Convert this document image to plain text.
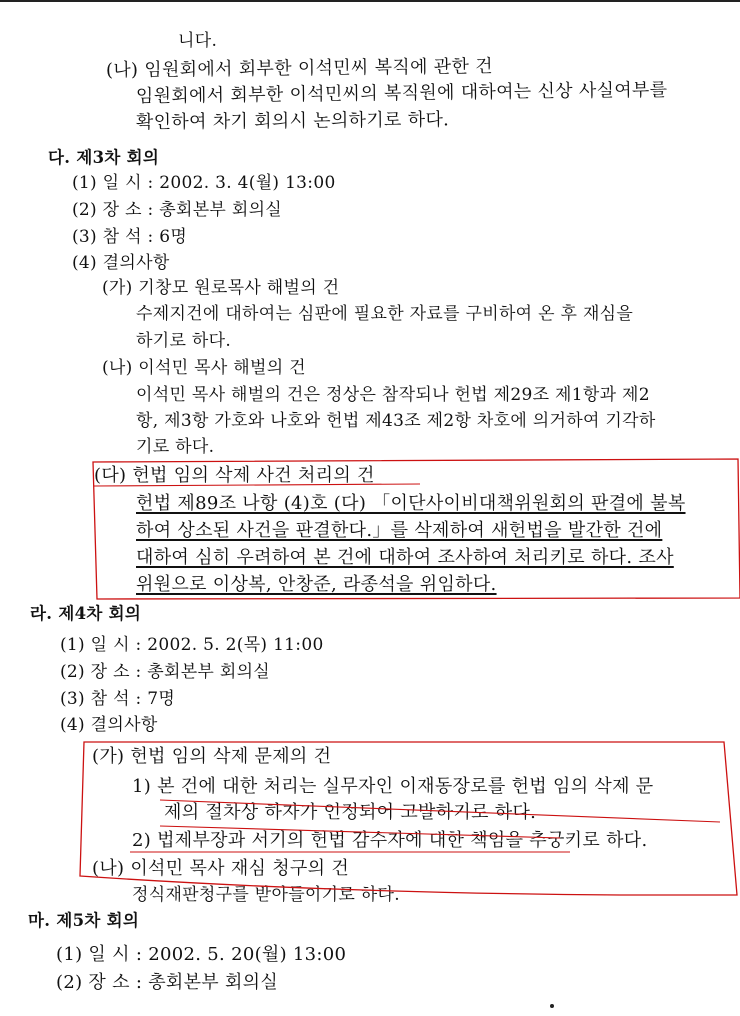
니다.
(나) 임원회에서 회부한 이석민씨 복직에 관한 건
임원회에서 회부한 이석민씨의 복직원에 대하여는 신상 사실여부를
확인하여 차기 회의시 논의하기로 하다.
다. 제3차 회의
(1) 일 시 : 2002. 3. 4(월) 13:00
(2) 장 소 : 총회본부 회의실
(3) 참 석 : 6명
(4) 결의사항
(가) 기창모 원로목사 해벌의 건
수제지건에 대하여는 심판에 필요한 자료를 구비하여 온 후 재심을
하기로 하다.
(나) 이석민 목사 해벌의 건
이석민 목사 해벌의 건은 정상은 참작되나 헌법 제29조 제1항과 제2
항, 제3항 가호와 나호와 헌법 제43조 제2항 차호에 의거하여 기각하
기로 하다.
(다) 헌법 임의 삭제 사건 처리의 건
헌법 제89조 나항 (4)호 (다) 「이단사이비대책위원회의 판결에 불복
하여 상소된 사건을 판결한다.」를 삭제하여 새헌법을 발간한 건에
대하여 심히 우려하여 본 건에 대하여 조사하여 처리키로 하다. 조사
위원으로 이상복, 안창준, 라종석을 위임하다.
라. 제4차 회의
(1) 일 시 : 2002. 5. 2(목) 11:00
(2) 장 소 : 총회본부 회의실
(3) 참 석 : 7명
(4) 결의사항
(가) 헌법 임의 삭제 문제의 건
1) 본 건에 대한 처리는 실무자인 이재동장로를 헌법 임의 삭제 문
제의 절차상 하자가 인정되어 고발하기로 하다.
2) 법제부장과 서기의 헌법 감수자에 대한 책임을 추궁키로 하다.
(나) 이석민 목사 재심 청구의 건
정식재판청구를 받아들이기로 하다.
마. 제5차 회의
(1) 일 시 : 2002. 5. 20(월) 13:00
(2) 장 소 : 총회본부 회의실
